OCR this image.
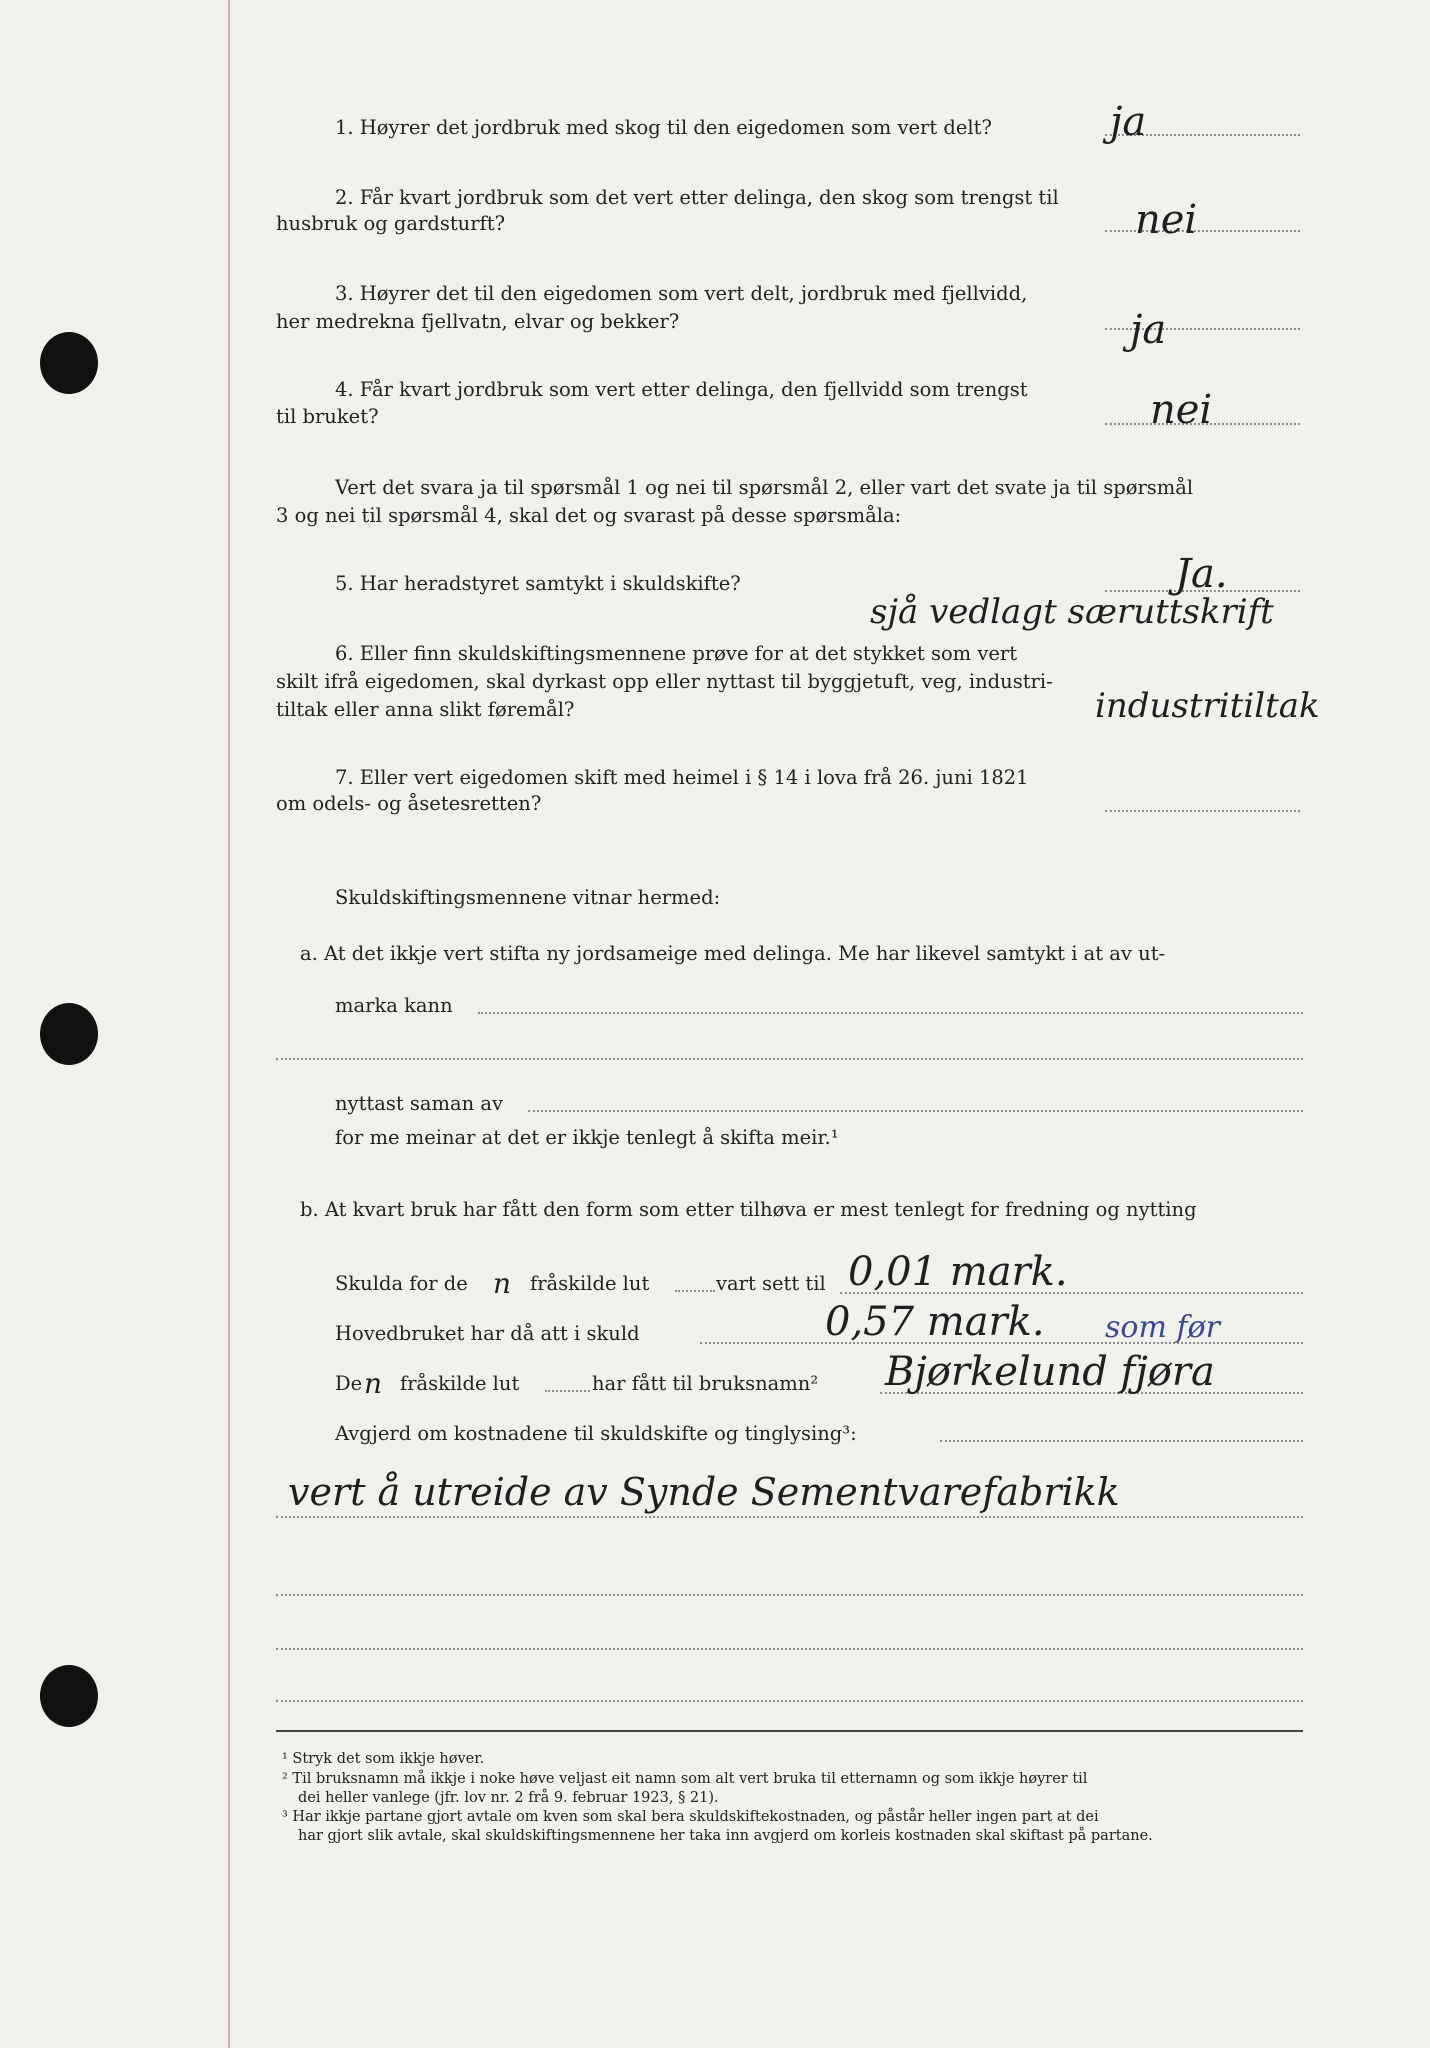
1. Høyrer det jordbruk med skog til den eigedomen som vert delt?	ja
2. Får kvart jordbruk som det vert etter delinga, den skog som trengst til
husbruk og gardsturft?	nei
3. Høyrer det til den eigedomen som vert delt, jordbruk med fjellvidd,
her medrekna fjellvatn, elvar og bekker?	ja
4. Får kvart jordbruk som vert etter delinga, den fjellvidd som trengst
til bruket?	nei
Vert det svara ja til spørsmål 1 og nei til spørsmål 2, eller vart det svate ja til spørsmål
3 og nei til spørsmål 4, skal det og svarast på desse spørsmåla:
5. Har heradstyret samtykt i skuldskifte?	Ja.
sjå vedlagt særuttskrift
6. Eller finn skuldskiftingsmennene prøve for at det stykket som vert
skilt ifrå eigedomen, skal dyrkast opp eller nyttast til byggjetuft, veg, industri-
tiltak eller anna slikt føremål?	industritiltak
7. Eller vert eigedomen skift med heimel i § 14 i lova frå 26. juni 1821
om odels- og åsetesretten?
Skuldskiftingsmennene vitnar hermed:
a. At det ikkje vert stifta ny jordsameige med delinga. Me har likevel samtykt i at av ut-
marka kann
nyttast saman av
for me meinar at det er ikkje tenlegt å skifta meir.¹
b. At kvart bruk har fått den form som etter tilhøva er mest tenlegt for fredning og nytting
Skulda for de n fråskilde lut	vart sett til 0,01 mark.
Hovedbruket har då att i skuld	0,57 mark. som før
De n fråskilde lut	har fått til bruksnamn² Bjørkelund fjøra
Avgjerd om kostnadene til skuldskifte og tinglysing³:
vert å utreide av Synde Sementvarefabrikk
¹ Stryk det som ikkje høver.
² Til bruksnamn må ikkje i noke høve veljast eit namn som alt vert bruka til etternamn og som ikkje høyrer til
dei heller vanlege (jfr. lov nr. 2 frå 9. februar 1923, § 21).
³ Har ikkje partane gjort avtale om kven som skal bera skuldskiftekostnaden, og påstår heller ingen part at dei
har gjort slik avtale, skal skuldskiftingsmennene her taka inn avgjerd om korleis kostnaden skal skiftast på partane.
